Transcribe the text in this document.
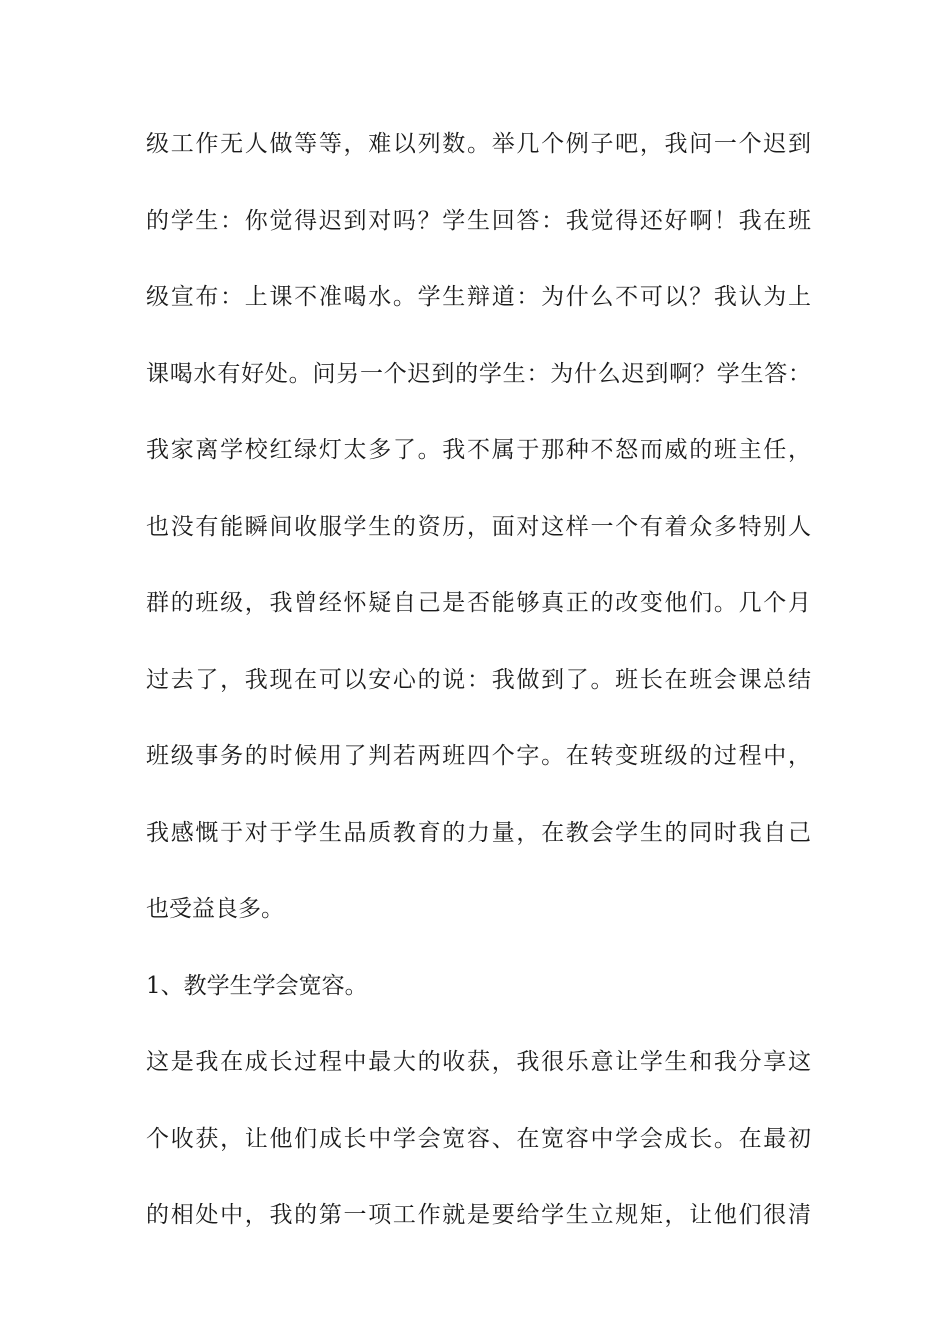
级工作无人做等等，难以列数。举几个例子吧，我问一个迟到
的学生：你觉得迟到对吗？学生回答：我觉得还好啊！我在班
级宣布：上课不准喝水。学生辩道：为什么不可以？我认为上
课喝水有好处。问另一个迟到的学生：为什么迟到啊？学生答：
我家离学校红绿灯太多了。我不属于那种不怒而威的班主任，
也没有能瞬间收服学生的资历，面对这样一个有着众多特别人
群的班级，我曾经怀疑自己是否能够真正的改变他们。几个月
过去了，我现在可以安心的说：我做到了。班长在班会课总结
班级事务的时候用了判若两班四个字。在转变班级的过程中，
我感慨于对于学生品质教育的力量，在教会学生的同时我自己
也受益良多。
1、教学生学会宽容。
这是我在成长过程中最大的收获，我很乐意让学生和我分享这
个收获，让他们成长中学会宽容、在宽容中学会成长。在最初
的相处中，我的第一项工作就是要给学生立规矩，让他们很清
